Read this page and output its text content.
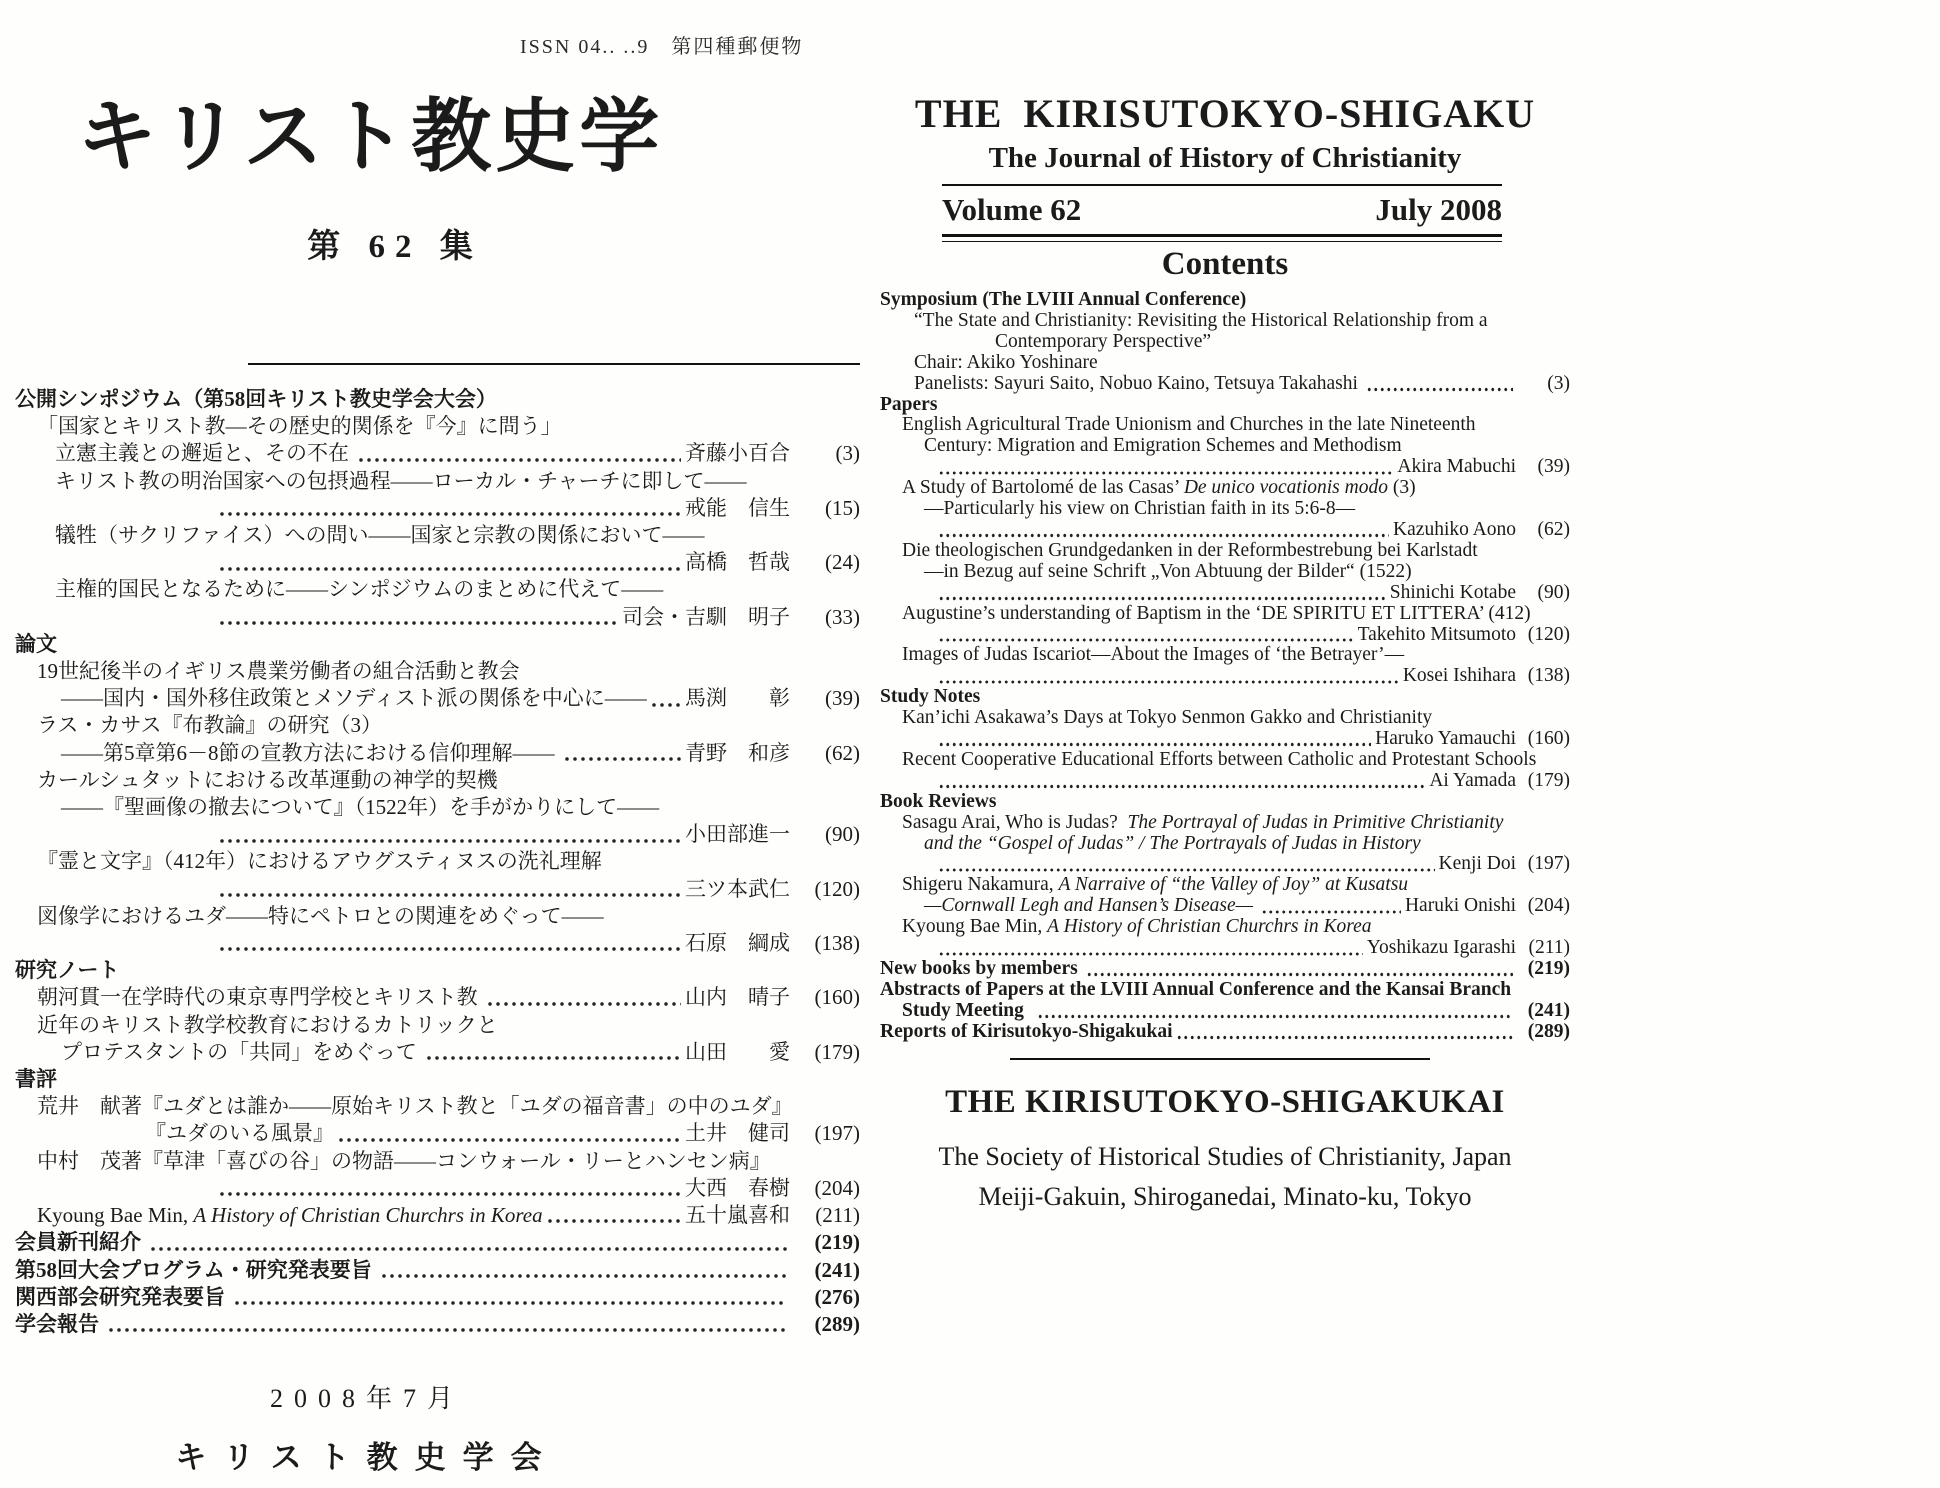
ISSN 04.. ..9　第四種郵便物
キリスト教史学
第 62 集
公開シンポジウム（第58回キリスト教史学会大会）
「国家とキリスト教—その歴史的関係を『今』に問う」
立憲主義との邂逅と、その不在	斉藤小百合	(3)
キリスト教の明治国家への包摂過程——ローカル・チャーチに即して——
戒能　信生	(15)
犠牲（サクリファイス）への問い——国家と宗教の関係において——
高橋　哲哉	(24)
主権的国民となるために——シンポジウムのまとめに代えて——
司会・吉馴　明子	(33)
論文
19世紀後半のイギリス農業労働者の組合活動と教会
——国内・国外移住政策とメソディスト派の関係を中心に—— 馬渕　　彰	(39)
ラス・カサス『布教論』の研究（3）
——第5章第6－8節の宣教方法における信仰理解——	青野　和彦	(62)
カールシュタットにおける改革運動の神学的契機
——『聖画像の撤去について』（1522年）を手がかりにして——
小田部進一	(90)
『霊と文字』（412年）におけるアウグスティヌスの洗礼理解
三ツ本武仁	(120)
図像学におけるユダ——特にペトロとの関連をめぐって——
石原　綱成	(138)
研究ノート
朝河貫一在学時代の東京専門学校とキリスト教	山内　晴子	(160)
近年のキリスト教学校教育におけるカトリックと
プロテスタントの「共同」をめぐって	山田　　愛	(179)
書評
荒井　献著『ユダとは誰か——原始キリスト教と「ユダの福音書」の中のユダ』
『ユダのいる風景』	土井　健司	(197)
中村　茂著『草津「喜びの谷」の物語——コンウォール・リーとハンセン病』
大西　春樹	(204)
Kyoung Bae Min, A History of Christian Churchrs in Korea	五十嵐喜和	(211)
会員新刊紹介	(219)
第58回大会プログラム・研究発表要旨	(241)
関西部会研究発表要旨	(276)
学会報告	(289)
2008年7月
キリスト教史学会
THE KIRISUTOKYO-SHIGAKU
The Journal of History of Christianity
Volume 62	July 2008
Contents
Symposium (The LVIII Annual Conference)
“The State and Christianity: Revisiting the Historical Relationship from a
Contemporary Perspective”
Chair: Akiko Yoshinare
Panelists: Sayuri Saito, Nobuo Kaino, Tetsuya Takahashi	(3)
Papers
English Agricultural Trade Unionism and Churches in the late Nineteenth
Century: Migration and Emigration Schemes and Methodism
Akira Mabuchi	(39)
A Study of Bartolomé de las Casas’ De unico vocationis modo (3)
—Particularly his view on Christian faith in its 5:6-8—
Kazuhiko Aono	(62)
Die theologischen Grundgedanken in der Reformbestrebung bei Karlstadt
—in Bezug auf seine Schrift „Von Abtuung der Bilder“ (1522)
Shinichi Kotabe	(90)
Augustine’s understanding of Baptism in the ‘DE SPIRITU ET LITTERA’ (412)
Takehito Mitsumoto (120)
Images of Judas Iscariot—About the Images of ‘the Betrayer’—
Kosei Ishihara (138)
Study Notes
Kan’ichi Asakawa’s Days at Tokyo Senmon Gakko and Christianity
Haruko Yamauchi (160)
Recent Cooperative Educational Efforts between Catholic and Protestant Schools
Ai Yamada (179)
Book Reviews
Sasagu Arai, Who is Judas?  The Portrayal of Judas in Primitive Christianity
and the “Gospel of Judas” / The Portrayals of Judas in History
Kenji Doi (197)
Shigeru Nakamura, A Narraive of “the Valley of Joy” at Kusatsu
—Cornwall Legh and Hansen’s Disease—	Haruki Onishi (204)
Kyoung Bae Min, A History of Christian Churchrs in Korea
Yoshikazu Igarashi (211)
New books by members	(219)
Abstracts of Papers at the LVIII Annual Conference and the Kansai Branch
Study Meeting	(241)
Reports of Kirisutokyo-Shigakukai	(289)
THE KIRISUTOKYO-SHIGAKUKAI
The Society of Historical Studies of Christianity, Japan
Meiji-Gakuin, Shiroganedai, Minato-ku, Tokyo
